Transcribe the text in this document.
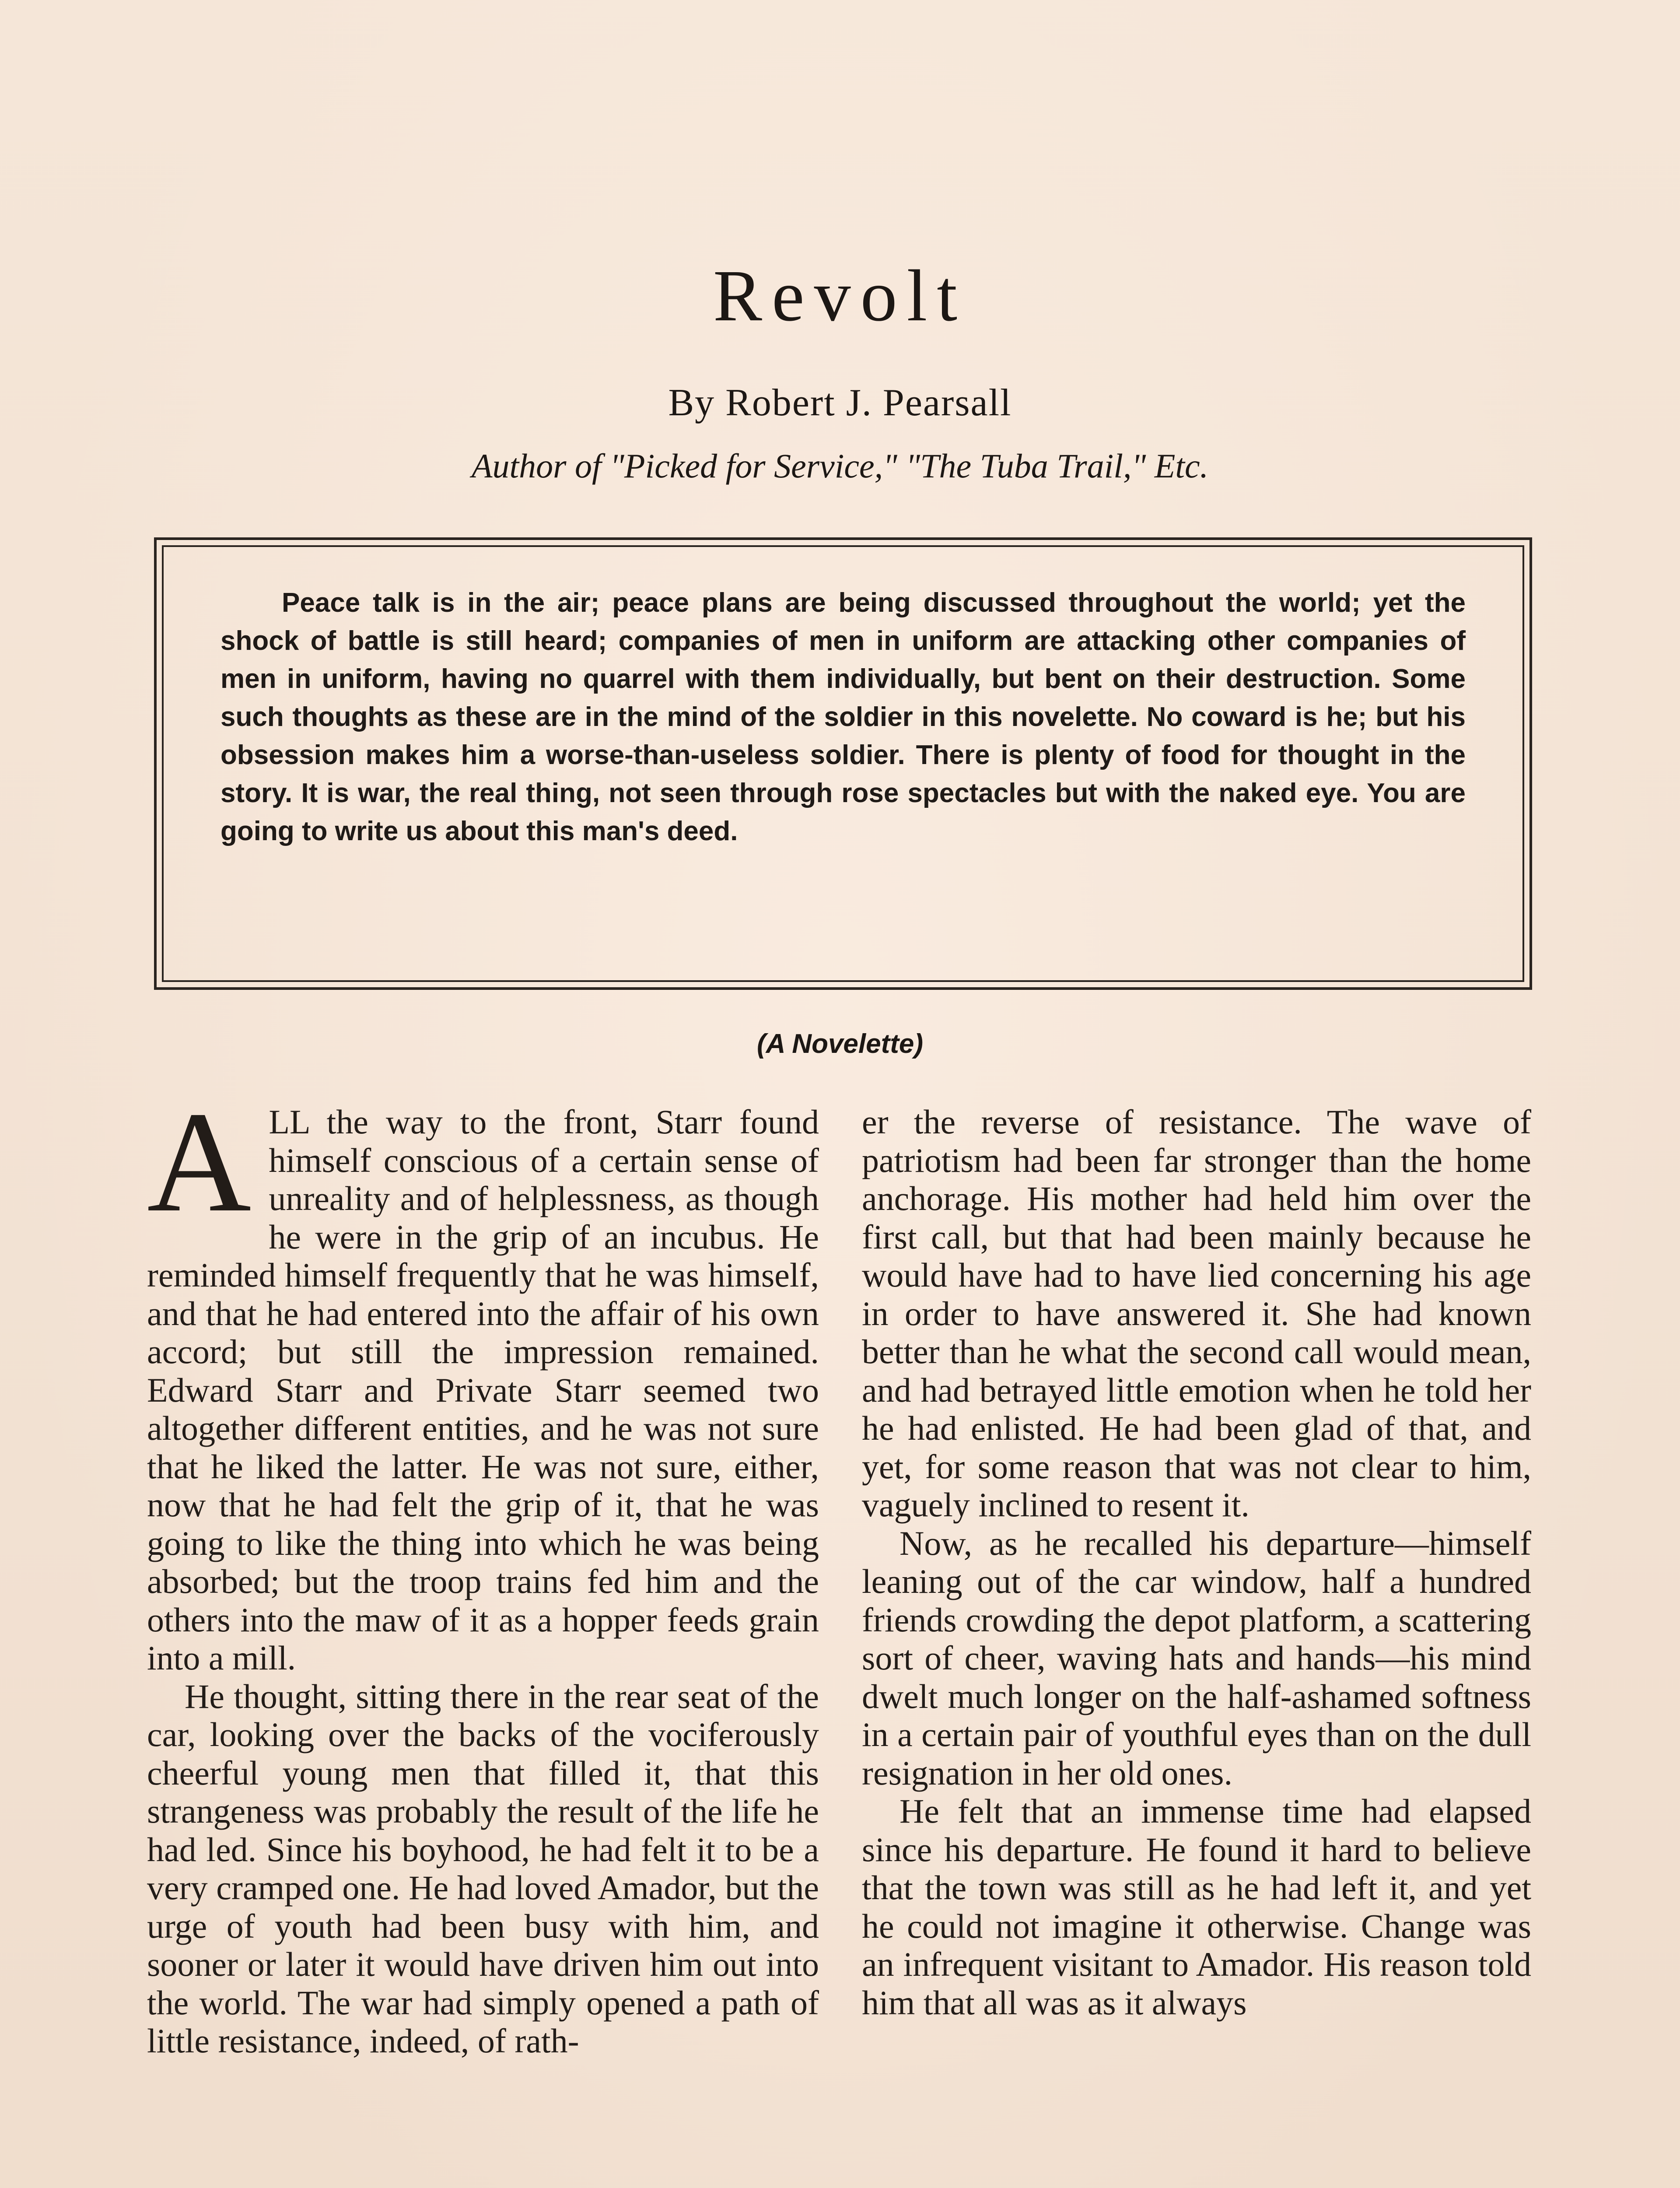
Revolt
By Robert J. Pearsall
Author of "Picked for Service," "The Tuba Trail," Etc.
Peace talk is in the air; peace plans are being discussed throughout the world; yet the shock of battle is still heard; companies of men in uniform are attacking other companies of men in uniform, having no quarrel with them individually, but bent on their destruction. Some such thoughts as these are in the mind of the soldier in this novelette. No coward is he; but his obsession makes him a worse-than-useless soldier. There is plenty of food for thought in the story. It is war, the real thing, not seen through rose spectacles but with the naked eye. You are going to write us about this man's deed.
(A Novelette)

ALL the way to the front, Starr found himself conscious of a certain sense of unreality and of helplessness, as though he were in the grip of an incubus. He reminded himself frequently that he was himself, and that he had entered into the affair of his own accord; but still the impression remained. Edward Starr and Private Starr seemed two altogether different entities, and he was not sure that he liked the latter. He was not sure, either, now that he had felt the grip of it, that he was going to like the thing into which he was being absorbed; but the troop trains fed him and the others into the maw of it as a hopper feeds grain into a mill.

He thought, sitting there in the rear seat of the car, looking over the backs of the vociferously cheerful young men that filled it, that this strangeness was probably the result of the life he had led. Since his boyhood, he had felt it to be a very cramped one. He had loved Amador, but the urge of youth had been busy with him, and sooner or later it would have driven him out into the world. The war had simply opened a path of little resistance, indeed, of rath-

er the reverse of resistance. The wave of patriotism had been far stronger than the home anchorage. His mother had held him over the first call, but that had been mainly because he would have had to have lied concerning his age in order to have answered it. She had known better than he what the second call would mean, and had betrayed little emotion when he told her he had enlisted. He had been glad of that, and yet, for some reason that was not clear to him, vaguely inclined to resent it.

Now, as he recalled his departure—himself leaning out of the car window, half a hundred friends crowding the depot platform, a scattering sort of cheer, waving hats and hands—his mind dwelt much longer on the half-ashamed softness in a certain pair of youthful eyes than on the dull resignation in her old ones.

He felt that an immense time had elapsed since his departure. He found it hard to believe that the town was still as he had left it, and yet he could not imagine it otherwise. Change was an infrequent visitant to Amador. His reason told him that all was as it always
